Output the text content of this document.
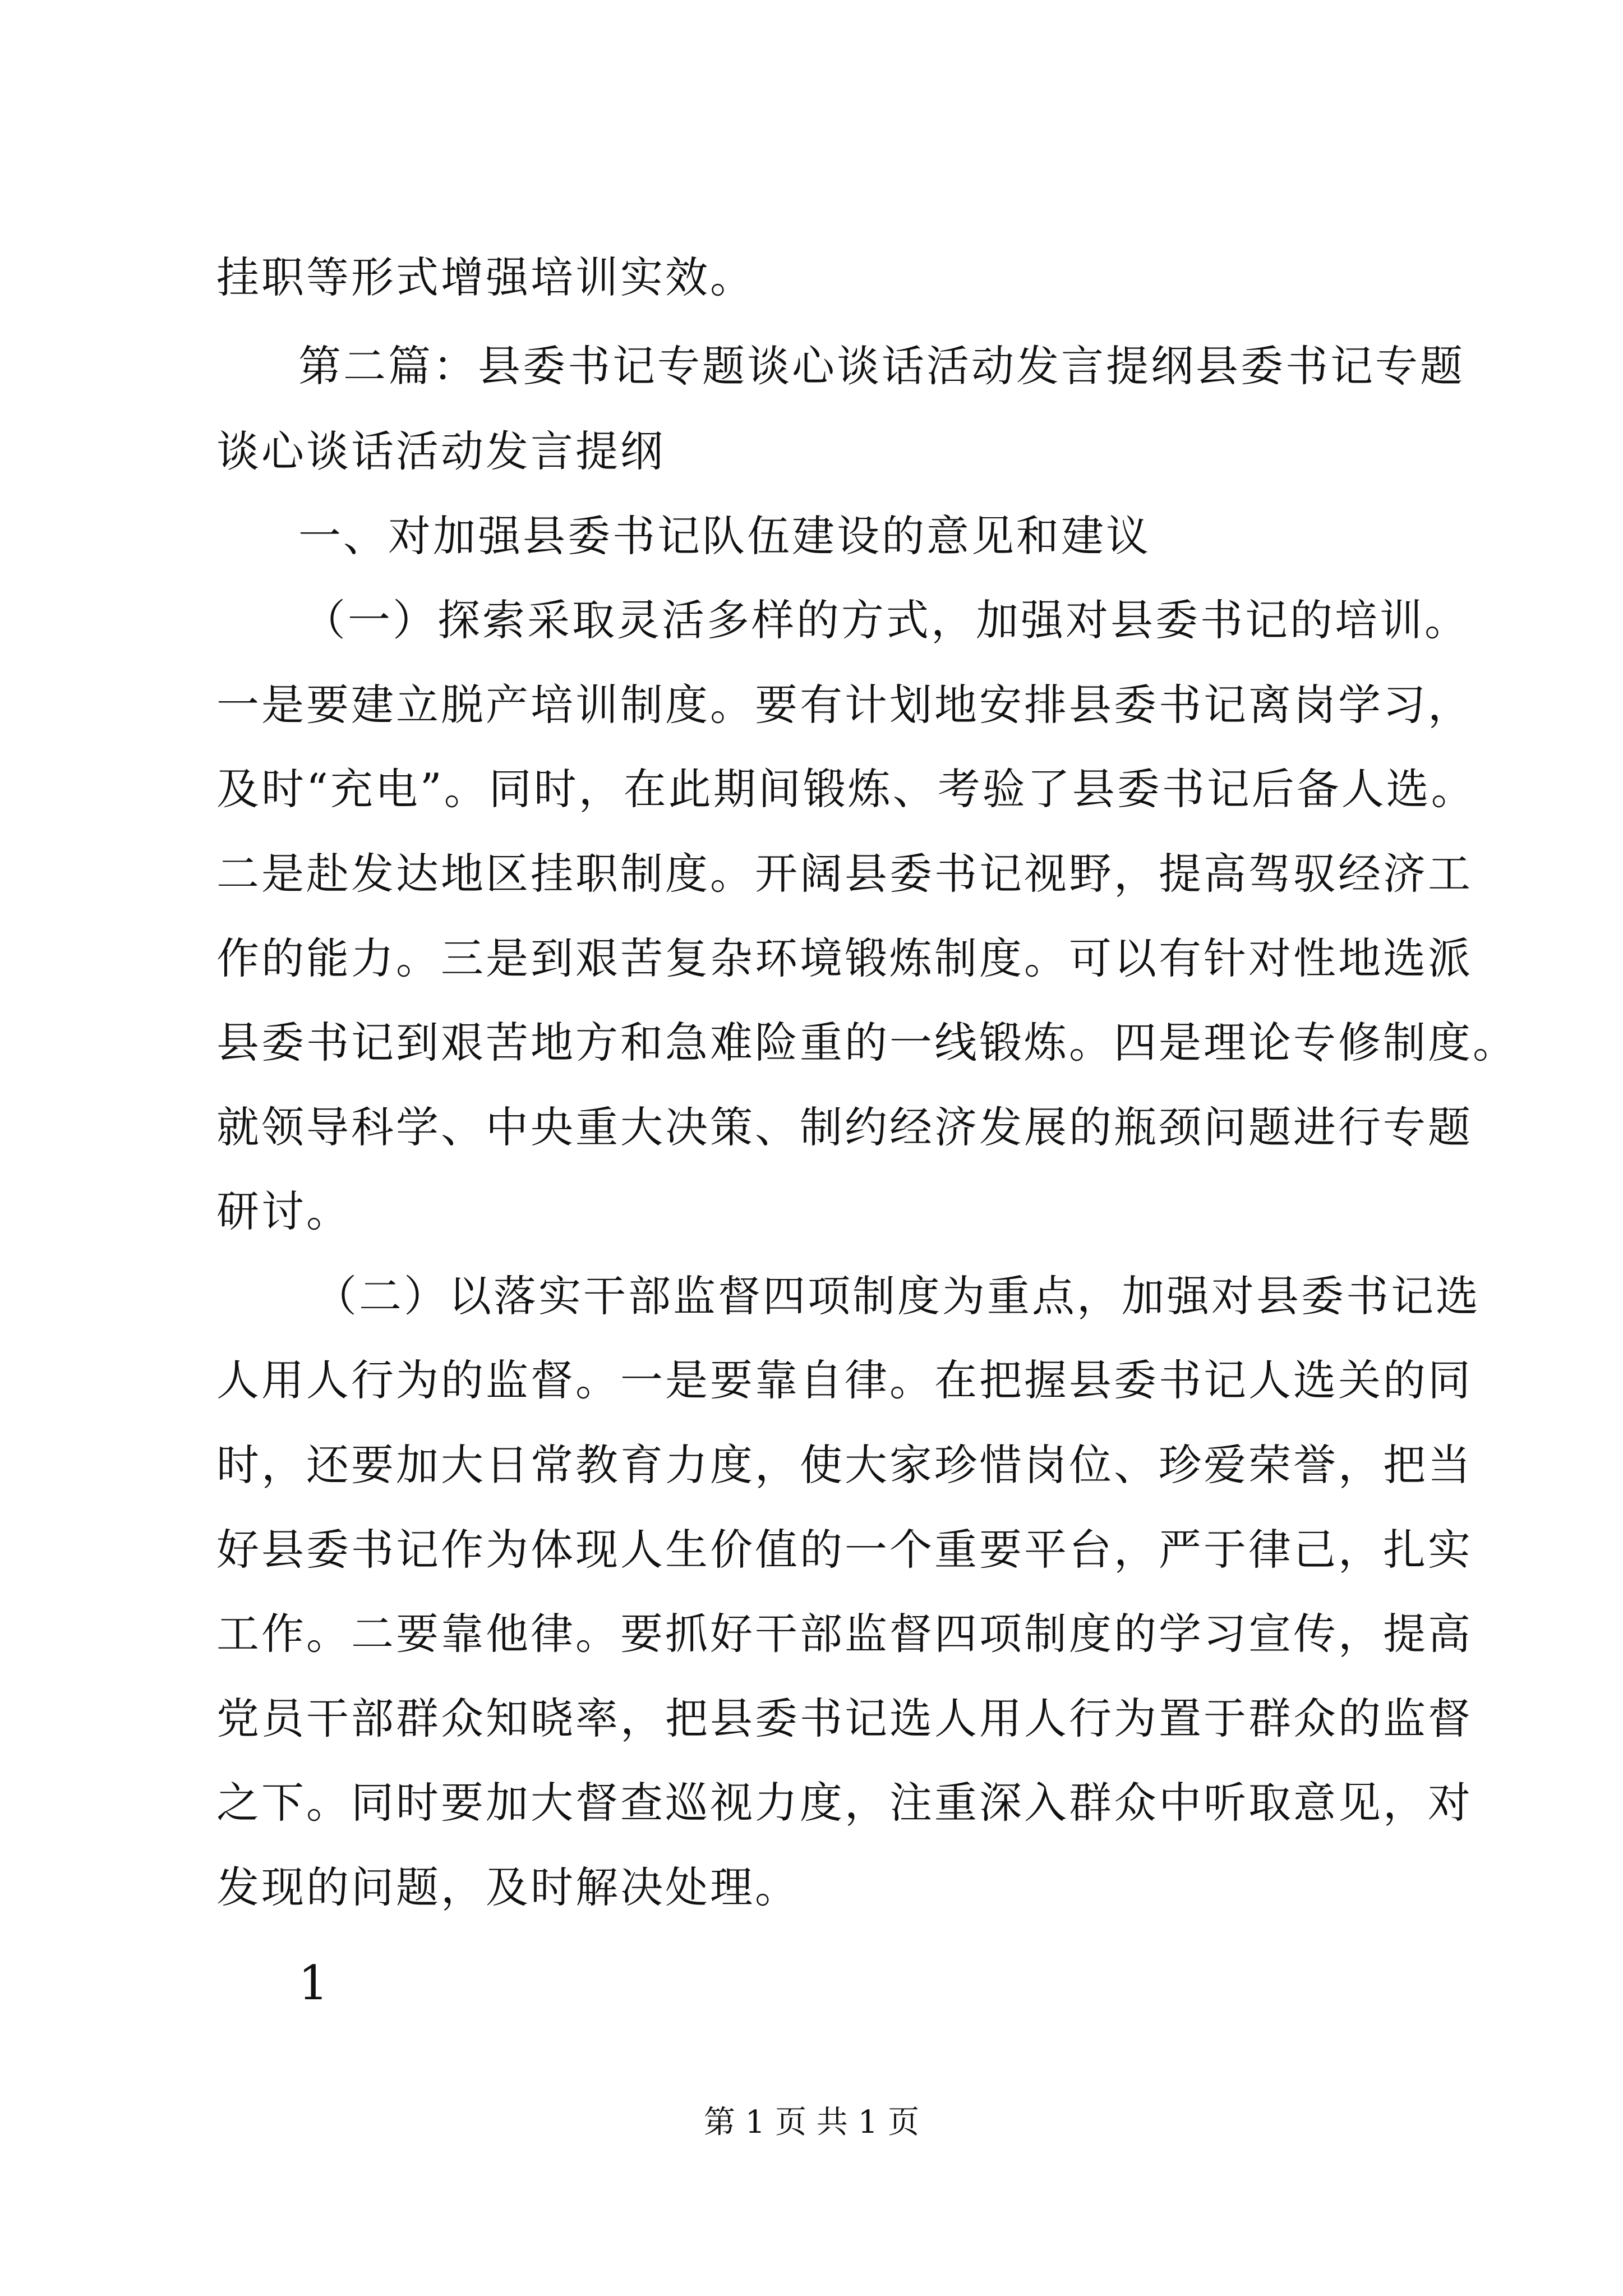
挂职等形式增强培训实效。
第二篇：县委书记专题谈心谈话活动发言提纲县委书记专题
谈心谈话活动发言提纲
一、对加强县委书记队伍建设的意见和建议
（一）探索采取灵活多样的方式，加强对县委书记的培训。
一是要建立脱产培训制度。要有计划地安排县委书记离岗学习，
及时“充电”。同时，在此期间锻炼、考验了县委书记后备人选。
二是赴发达地区挂职制度。开阔县委书记视野，提高驾驭经济工
作的能力。三是到艰苦复杂环境锻炼制度。可以有针对性地选派
县委书记到艰苦地方和急难险重的一线锻炼。四是理论专修制度。
就领导科学、中央重大决策、制约经济发展的瓶颈问题进行专题
研讨。
（二）以落实干部监督四项制度为重点，加强对县委书记选
人用人行为的监督。一是要靠自律。在把握县委书记人选关的同
时，还要加大日常教育力度，使大家珍惜岗位、珍爱荣誉，把当
好县委书记作为体现人生价值的一个重要平台，严于律己，扎实
工作。二要靠他律。要抓好干部监督四项制度的学习宣传，提高
党员干部群众知晓率，把县委书记选人用人行为置于群众的监督
之下。同时要加大督查巡视力度，注重深入群众中听取意见，对
发现的问题，及时解决处理。
1
第 1 页 共 1 页
